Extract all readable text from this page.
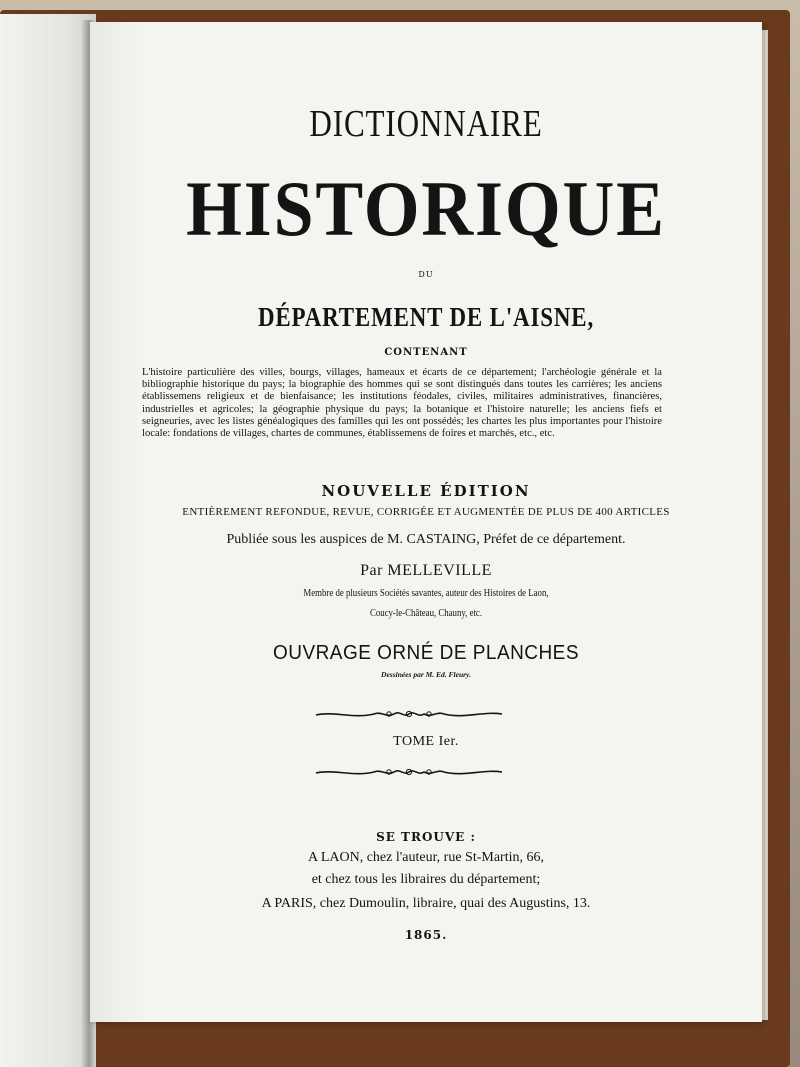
DICTIONNAIRE
HISTORIQUE
DU
DÉPARTEMENT DE L'AISNE,
CONTENANT
L'histoire particulière des villes, bourgs, villages, hameaux et écarts de ce département; l'archéologie générale et la bibliographie historique du pays; la biographie des hommes qui se sont distingués dans toutes les carrières; les anciens établissemens religieux et de bienfaisance; les institutions féodales, civiles, militaires administratives, financières, industrielles et agricoles; la géographie physique du pays; la botanique et l'histoire naturelle; les anciens fiefs et seigneuries, avec les listes généalogiques des familles qui les ont possédés; les chartes les plus importantes pour l'histoire locale: fondations de villages, chartes de communes, établissemens de foires et marchés, etc., etc.
NOUVELLE ÉDITION
ENTIÈREMENT REFONDUE, REVUE, CORRIGÉE ET AUGMENTÉE DE PLUS DE 400 ARTICLES
Publiée sous les auspices de M. CASTAING, Préfet de ce département.
Par MELLEVILLE
Membre de plusieurs Sociétés savantes, auteur des Histoires de Laon,
Coucy-le-Château, Chauny, etc.
OUVRAGE ORNÉ DE PLANCHES
Dessinées par M. Ed. Fleury.
TOME Ier.
SE TROUVE :
A LAON, chez l'auteur, rue St-Martin, 66,
et chez tous les libraires du département;
A PARIS, chez Dumoulin, libraire, quai des Augustins, 13.
1865.
